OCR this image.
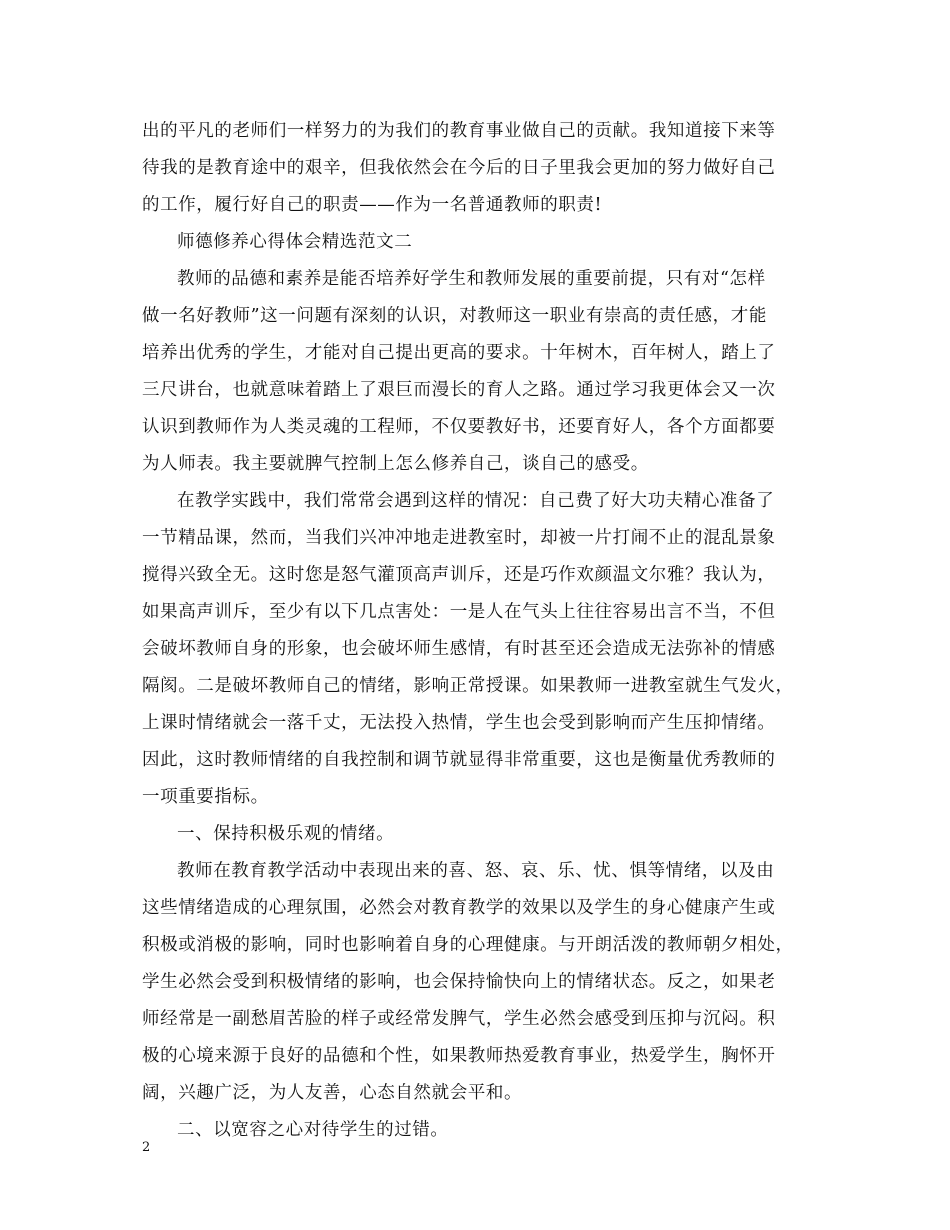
出的平凡的老师们一样努力的为我们的教育事业做自己的贡献。我知道接下来等
待我的是教育途中的艰辛，但我依然会在今后的日子里我会更加的努力做好自己
的工作，履行好自己的职责——作为一名普通教师的职责!
师德修养心得体会精选范文二
教师的品德和素养是能否培养好学生和教师发展的重要前提，只有对“怎样
做一名好教师”这一问题有深刻的认识，对教师这一职业有崇高的责任感，才能
培养出优秀的学生，才能对自己提出更高的要求。十年树木，百年树人，踏上了
三尺讲台，也就意味着踏上了艰巨而漫长的育人之路。通过学习我更体会又一次
认识到教师作为人类灵魂的工程师，不仅要教好书，还要育好人，各个方面都要
为人师表。我主要就脾气控制上怎么修养自己，谈自己的感受。
在教学实践中，我们常常会遇到这样的情况：自己费了好大功夫精心准备了
一节精品课，然而，当我们兴冲冲地走进教室时，却被一片打闹不止的混乱景象
搅得兴致全无。这时您是怒气灌顶高声训斥，还是巧作欢颜温文尔雅？我认为，
如果高声训斥，至少有以下几点害处：一是人在气头上往往容易出言不当，不但
会破坏教师自身的形象，也会破坏师生感情，有时甚至还会造成无法弥补的情感
隔阂。二是破坏教师自己的情绪，影响正常授课。如果教师一进教室就生气发火，
上课时情绪就会一落千丈，无法投入热情，学生也会受到影响而产生压抑情绪。
因此，这时教师情绪的自我控制和调节就显得非常重要，这也是衡量优秀教师的
一项重要指标。
一、保持积极乐观的情绪。
教师在教育教学活动中表现出来的喜、怒、哀、乐、忧、惧等情绪，以及由
这些情绪造成的心理氛围，必然会对教育教学的效果以及学生的身心健康产生或
积极或消极的影响，同时也影响着自身的心理健康。与开朗活泼的教师朝夕相处，
学生必然会受到积极情绪的影响，也会保持愉快向上的情绪状态。反之，如果老
师经常是一副愁眉苦脸的样子或经常发脾气，学生必然会感受到压抑与沉闷。积
极的心境来源于良好的品德和个性，如果教师热爱教育事业，热爱学生，胸怀开
阔，兴趣广泛，为人友善，心态自然就会平和。
二、以宽容之心对待学生的过错。
2
